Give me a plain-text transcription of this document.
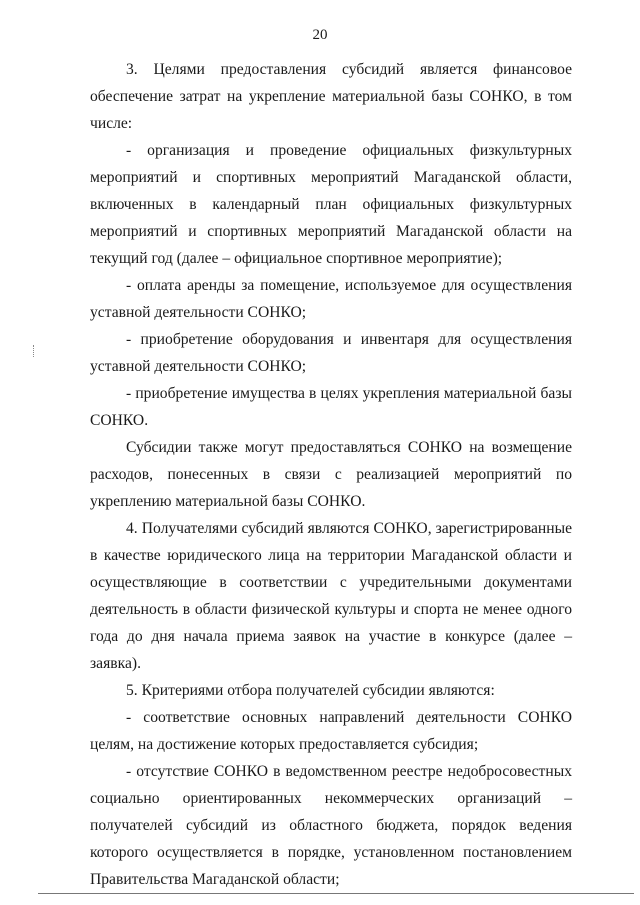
20

3. Целями предоставления субсидий является финансовое обеспечение затрат на укрепление материальной базы СОНКО, в том числе:

- организация и проведение официальных физкультурных мероприятий и спортивных мероприятий Магаданской области, включенных в календарный план официальных физкультурных мероприятий и спортивных мероприятий Магаданской области на текущий год (далее – официальное спортивное мероприятие);

- оплата аренды за помещение, используемое для осуществления уставной деятельности СОНКО;

- приобретение оборудования и инвентаря для осуществления уставной деятельности СОНКО;

- приобретение имущества в целях укрепления материальной базы СОНКО.

Субсидии также могут предоставляться СОНКО на возмещение расходов, понесенных в связи с реализацией мероприятий по укреплению материальной базы СОНКО.

4. Получателями субсидий являются СОНКО, зарегистрированные в качестве юридического лица на территории Магаданской области и осуществляющие в соответствии с учредительными документами деятельность в области физической культуры и спорта не менее одного года до дня начала приема заявок на участие в конкурсе (далее – заявка).

5. Критериями отбора получателей субсидии являются:

- соответствие основных направлений деятельности СОНКО целям, на достижение которых предоставляется субсидия;

- отсутствие СОНКО в ведомственном реестре недобросовестных социально ориентированных некоммерческих организаций – получателей субсидий из областного бюджета, порядок ведения которого осуществляется в порядке, установленном постановлением Правительства Магаданской области;
